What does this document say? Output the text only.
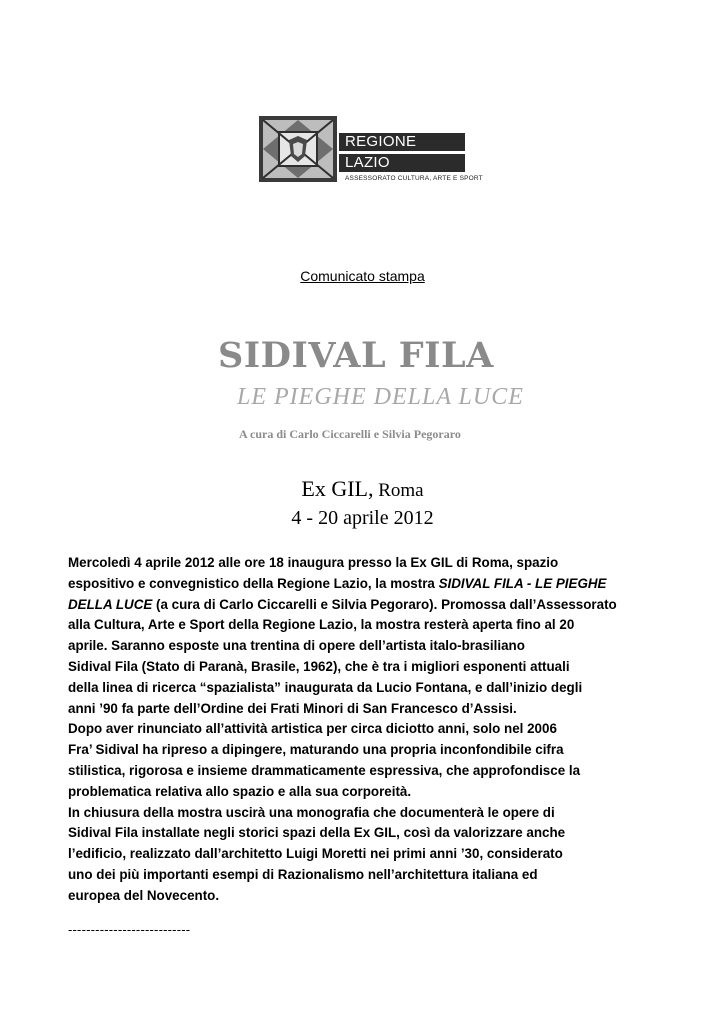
REGIONE
LAZIO
ASSESSORATO CULTURA, ARTE E SPORT
Comunicato stampa
SIDIVAL FILA
LE PIEGHE DELLA LUCE
A cura di Carlo Ciccarelli e Silvia Pegoraro
Ex GIL, Roma
4 - 20 aprile 2012
Mercoledì 4 aprile 2012 alle ore 18 inaugura presso la Ex GIL di Roma, spazio
espositivo e convegnistico della Regione Lazio, la mostra SIDIVAL FILA - LE PIEGHE
DELLA LUCE (a cura di Carlo Ciccarelli e Silvia Pegoraro). Promossa dall’Assessorato
alla Cultura, Arte e Sport della Regione Lazio, la mostra resterà aperta fino al 20
aprile. Saranno esposte una trentina di opere dell’artista italo-brasiliano
Sidival Fila (Stato di Paranà, Brasile, 1962), che è tra i migliori esponenti attuali
della linea di ricerca “spazialista” inaugurata da Lucio Fontana, e dall’inizio degli
anni ’90 fa parte dell’Ordine dei Frati Minori di San Francesco d’Assisi.
Dopo aver rinunciato all’attività artistica per circa diciotto anni, solo nel 2006
Fra’ Sidival ha ripreso a dipingere, maturando una propria inconfondibile cifra
stilistica, rigorosa e insieme drammaticamente espressiva, che approfondisce la
problematica relativa allo spazio e alla sua corporeità.
In chiusura della mostra uscirà una monografia che documenterà le opere di
Sidival Fila installate negli storici spazi della Ex GIL, così da valorizzare anche
l’edificio, realizzato dall’architetto Luigi Moretti nei primi anni ’30, considerato
uno dei più importanti esempi di Razionalismo nell’architettura italiana ed
europea del Novecento.
---------------------------
